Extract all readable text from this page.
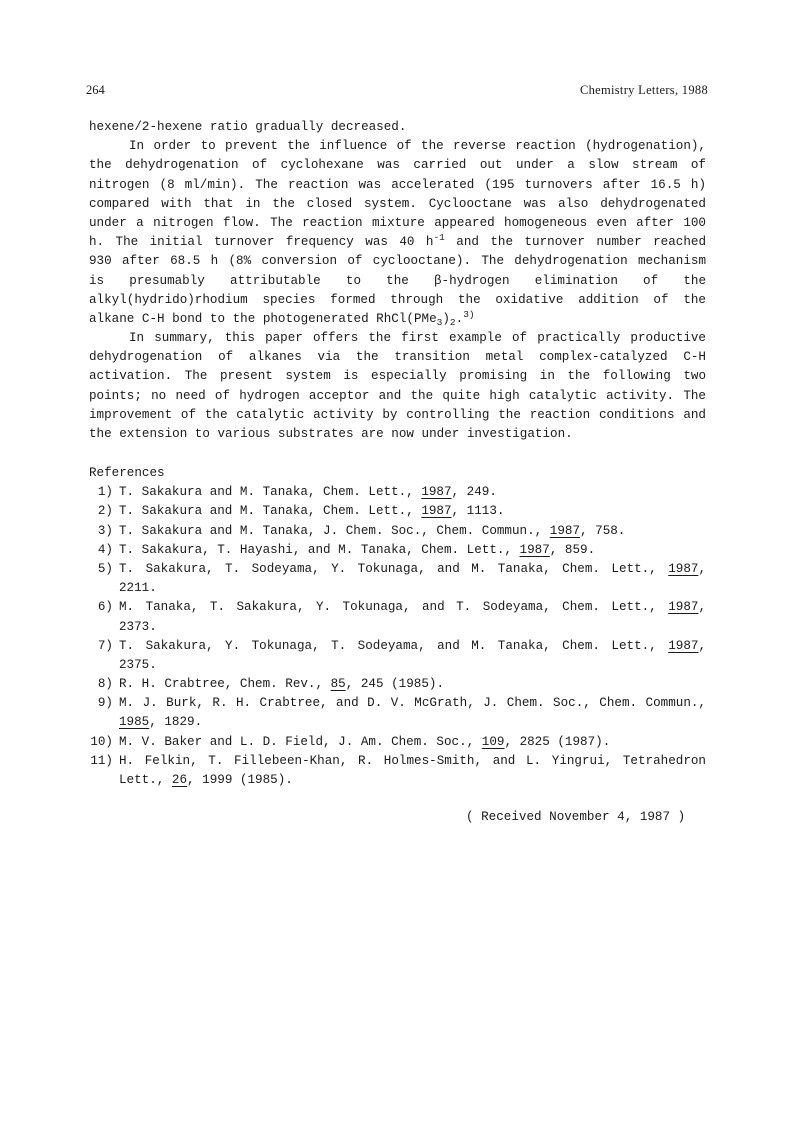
264	Chemistry Letters, 1988
hexene/2-hexene ratio gradually decreased.
In order to prevent the influence of the reverse reaction (hydrogenation),
the dehydrogenation of cyclohexane was carried out under a slow stream of
nitrogen (8 ml/min). The reaction was accelerated (195 turnovers after 16.5 h)
compared with that in the closed system. Cyclooctane was also dehydrogenated
under a nitrogen flow. The reaction mixture appeared homogeneous even after 100
h. The initial turnover frequency was 40 $h^{-1}$ and the turnover number reached
930 after 68.5 h (8% conversion of cyclooctane). The dehydrogenation mechanism
is presumably attributable to the β-hydrogen elimination of the
alkyl(hydrido)rhodium species formed through the oxidative addition of the
alkane C-H bond to the photogenerated $RhCl(PMe_3)_2.^{3)}$
In summary, this paper offers the first example of practically productive
dehydrogenation of alkanes via the transition metal complex-catalyzed C-H
activation. The present system is especially promising in the following two
points; no need of hydrogen acceptor and the quite high catalytic activity. The
improvement of the catalytic activity by controlling the reaction conditions and
the extension to various substrates are now under investigation.
References
1) T. Sakakura and M. Tanaka, Chem. Lett., 1987, 249.
2) T. Sakakura and M. Tanaka, Chem. Lett., 1987, 1113.
3) T. Sakakura and M. Tanaka, J. Chem. Soc., Chem. Commun., 1987, 758.
4) T. Sakakura, T. Hayashi, and M. Tanaka, Chem. Lett., 1987, 859.
5) T. Sakakura, T. Sodeyama, Y. Tokunaga, and M. Tanaka, Chem. Lett., 1987,
2211.
6) M. Tanaka, T. Sakakura, Y. Tokunaga, and T. Sodeyama, Chem. Lett., 1987,
2373.
7) T. Sakakura, Y. Tokunaga, T. Sodeyama, and M. Tanaka, Chem. Lett., 1987,
2375.
8) R. H. Crabtree, Chem. Rev., 85, 245 (1985).
9) M. J. Burk, R. H. Crabtree, and D. V. McGrath, J. Chem. Soc., Chem. Commun.,
1985, 1829.
10) M. V. Baker and L. D. Field, J. Am. Chem. Soc., 109, 2825 (1987).
11) H. Felkin, T. Fillebeen-Khan, R. Holmes-Smith, and L. Yingrui, Tetrahedron
Lett., 26, 1999 (1985).
( Received November 4, 1987 )
